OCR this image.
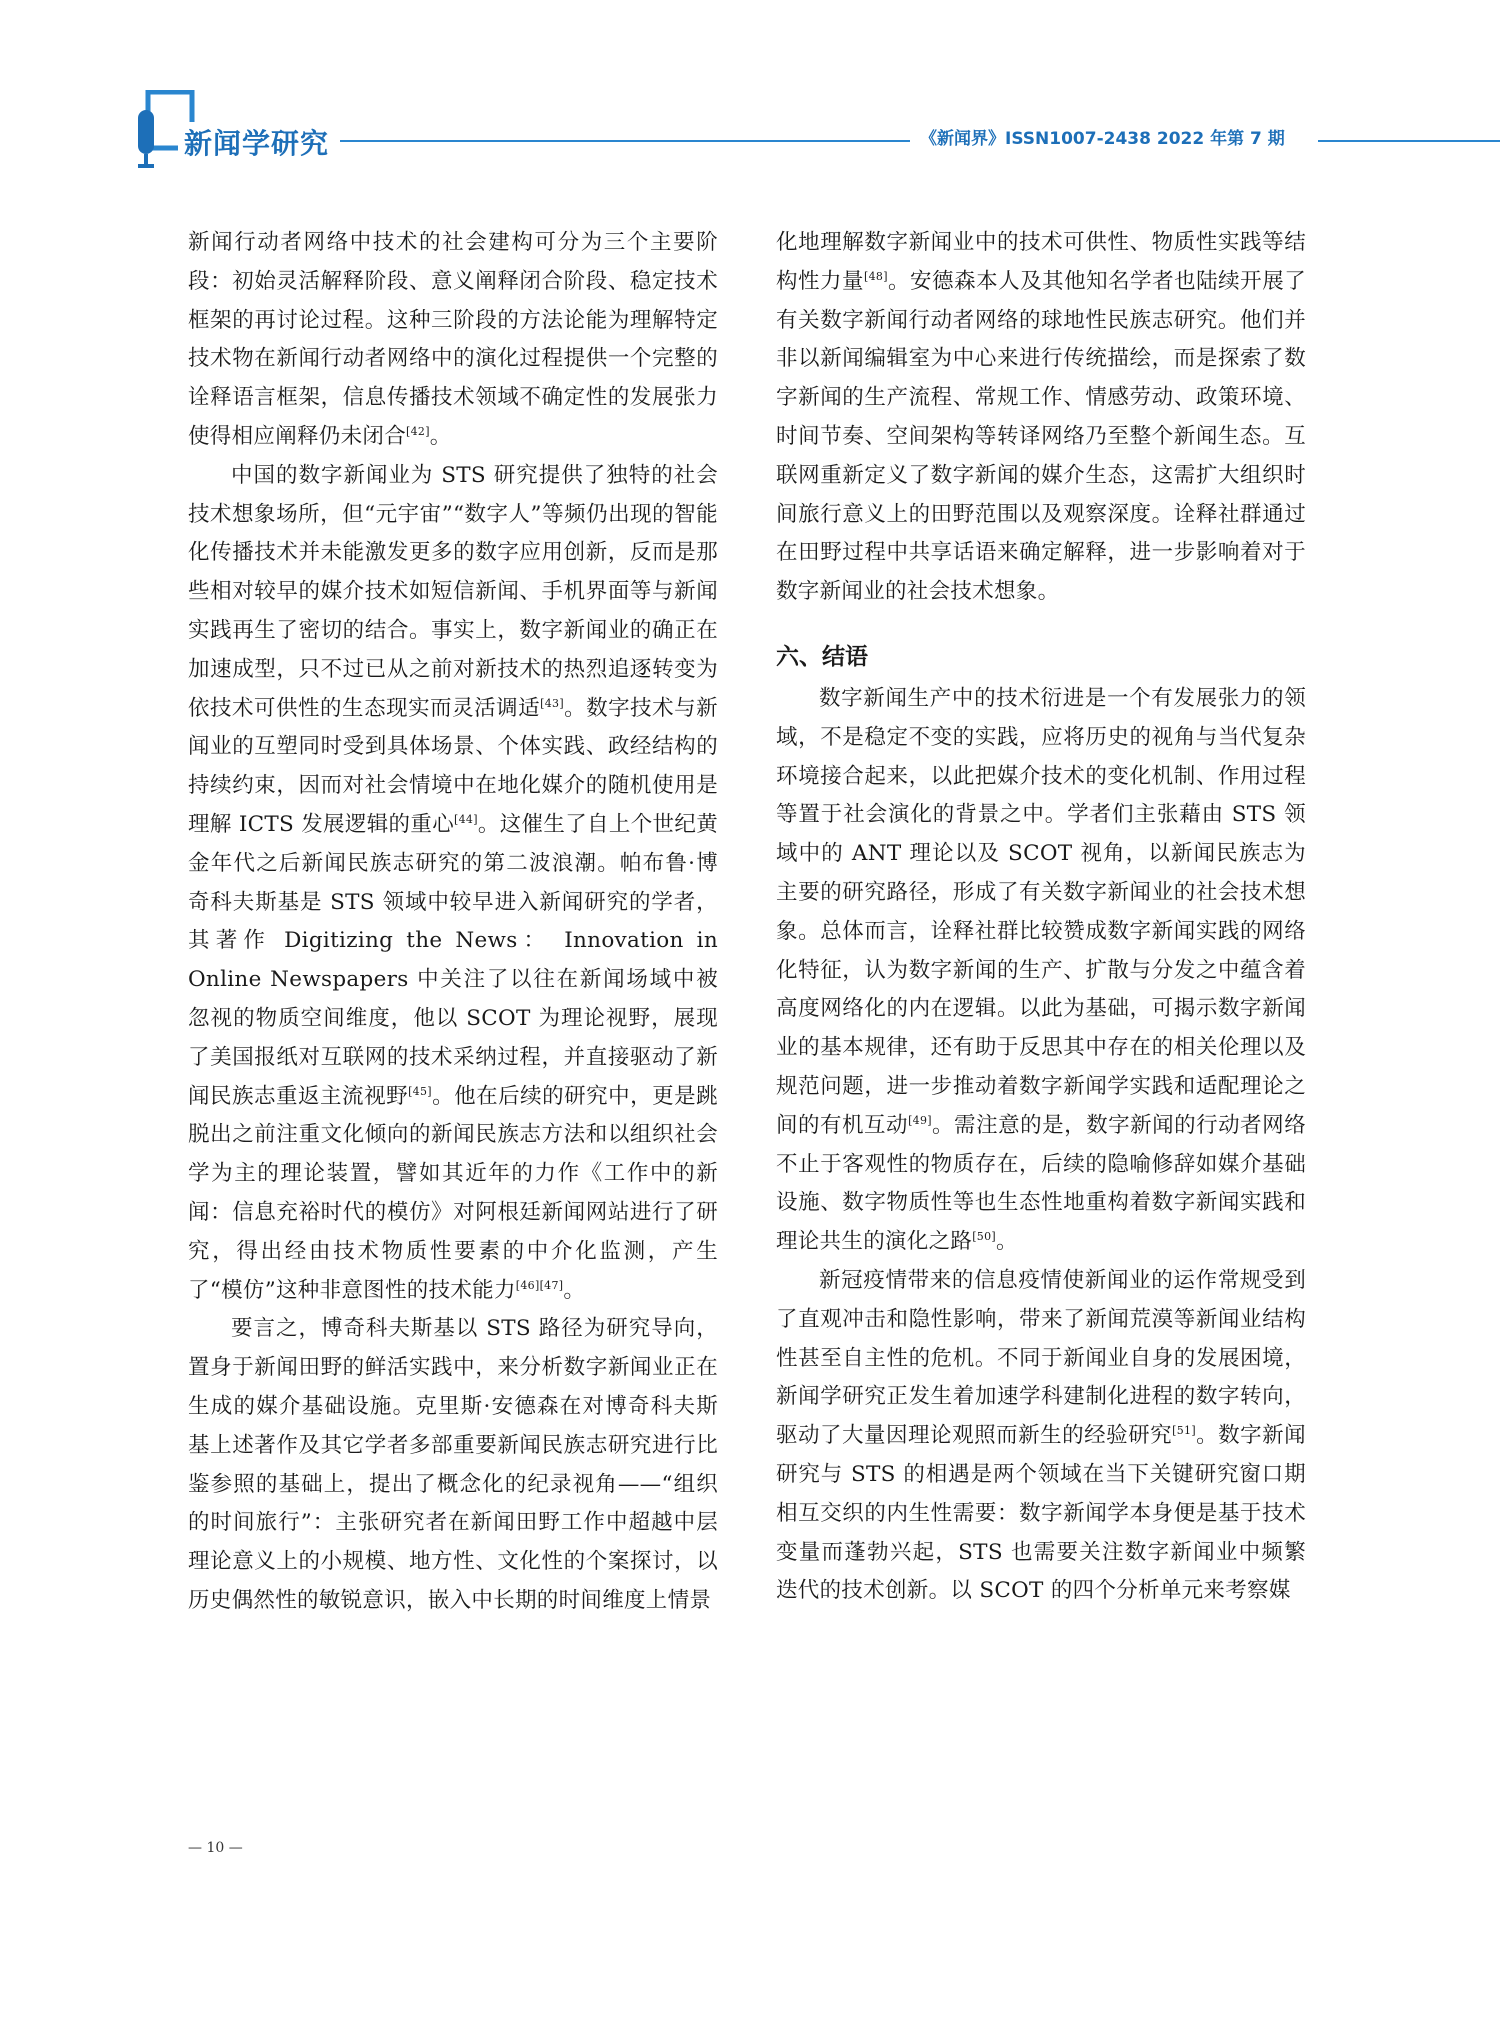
新闻学研究	《新闻界》ISSN1007-2438 2022 年第 7 期

新闻行动者网络中技术的社会建构可分为三个主要阶段：初始灵活解释阶段、意义阐释闭合阶段、稳定技术框架的再讨论过程。这种三阶段的方法论能为理解特定技术物在新闻行动者网络中的演化过程提供一个完整的诠释语言框架，信息传播技术领域不确定性的发展张力使得相应阐释仍未闭合[42]。

中国的数字新闻业为 STS 研究提供了独特的社会技术想象场所，但“元宇宙”“数字人”等频仍出现的智能化传播技术并未能激发更多的数字应用创新，反而是那些相对较早的媒介技术如短信新闻、手机界面等与新闻实践再生了密切的结合。事实上，数字新闻业的确正在加速成型，只不过已从之前对新技术的热烈追逐转变为依技术可供性的生态现实而灵活调适[43]。数字技术与新闻业的互塑同时受到具体场景、个体实践、政经结构的持续约束，因而对社会情境中在地化媒介的随机使用是理解 ICTS 发展逻辑的重心[44]。这催生了自上个世纪黄金年代之后新闻民族志研究的第二波浪潮。帕布鲁·博奇科夫斯基是 STS 领域中较早进入新闻研究的学者，其著作 Digitizing the News： Innovation in Online Newspapers 中关注了以往在新闻场域中被忽视的物质空间维度，他以 SCOT 为理论视野，展现了美国报纸对互联网的技术采纳过程，并直接驱动了新闻民族志重返主流视野[45]。他在后续的研究中，更是跳脱出之前注重文化倾向的新闻民族志方法和以组织社会学为主的理论装置，譬如其近年的力作《工作中的新闻：信息充裕时代的模仿》对阿根廷新闻网站进行了研究，得出经由技术物质性要素的中介化监测，产生了“模仿”这种非意图性的技术能力[46][47]。

要言之，博奇科夫斯基以 STS 路径为研究导向，置身于新闻田野的鲜活实践中，来分析数字新闻业正在生成的媒介基础设施。克里斯·安德森在对博奇科夫斯基上述著作及其它学者多部重要新闻民族志研究进行比鉴参照的基础上，提出了概念化的纪录视角——“组织的时间旅行”：主张研究者在新闻田野工作中超越中层理论意义上的小规模、地方性、文化性的个案探讨，以历史偶然性的敏锐意识，嵌入中长期的时间维度上情景

化地理解数字新闻业中的技术可供性、物质性实践等结构性力量[48]。安德森本人及其他知名学者也陆续开展了有关数字新闻行动者网络的球地性民族志研究。他们并非以新闻编辑室为中心来进行传统描绘，而是探索了数字新闻的生产流程、常规工作、情感劳动、政策环境、时间节奏、空间架构等转译网络乃至整个新闻生态。互联网重新定义了数字新闻的媒介生态，这需扩大组织时间旅行意义上的田野范围以及观察深度。诠释社群通过在田野过程中共享话语来确定解释，进一步影响着对于数字新闻业的社会技术想象。

六、结语

数字新闻生产中的技术衍进是一个有发展张力的领域，不是稳定不变的实践，应将历史的视角与当代复杂环境接合起来，以此把媒介技术的变化机制、作用过程等置于社会演化的背景之中。学者们主张藉由 STS 领域中的 ANT 理论以及 SCOT 视角，以新闻民族志为主要的研究路径，形成了有关数字新闻业的社会技术想象。总体而言，诠释社群比较赞成数字新闻实践的网络化特征，认为数字新闻的生产、扩散与分发之中蕴含着高度网络化的内在逻辑。以此为基础，可揭示数字新闻业的基本规律，还有助于反思其中存在的相关伦理以及规范问题，进一步推动着数字新闻学实践和适配理论之间的有机互动[49]。需注意的是，数字新闻的行动者网络不止于客观性的物质存在，后续的隐喻修辞如媒介基础设施、数字物质性等也生态性地重构着数字新闻实践和理论共生的演化之路[50]。

新冠疫情带来的信息疫情使新闻业的运作常规受到了直观冲击和隐性影响，带来了新闻荒漠等新闻业结构性甚至自主性的危机。不同于新闻业自身的发展困境，新闻学研究正发生着加速学科建制化进程的数字转向，驱动了大量因理论观照而新生的经验研究[51]。数字新闻研究与 STS 的相遇是两个领域在当下关键研究窗口期相互交织的内生性需要：数字新闻学本身便是基于技术变量而蓬勃兴起，STS 也需要关注数字新闻业中频繁迭代的技术创新。以 SCOT 的四个分析单元来考察媒

— 10 —
